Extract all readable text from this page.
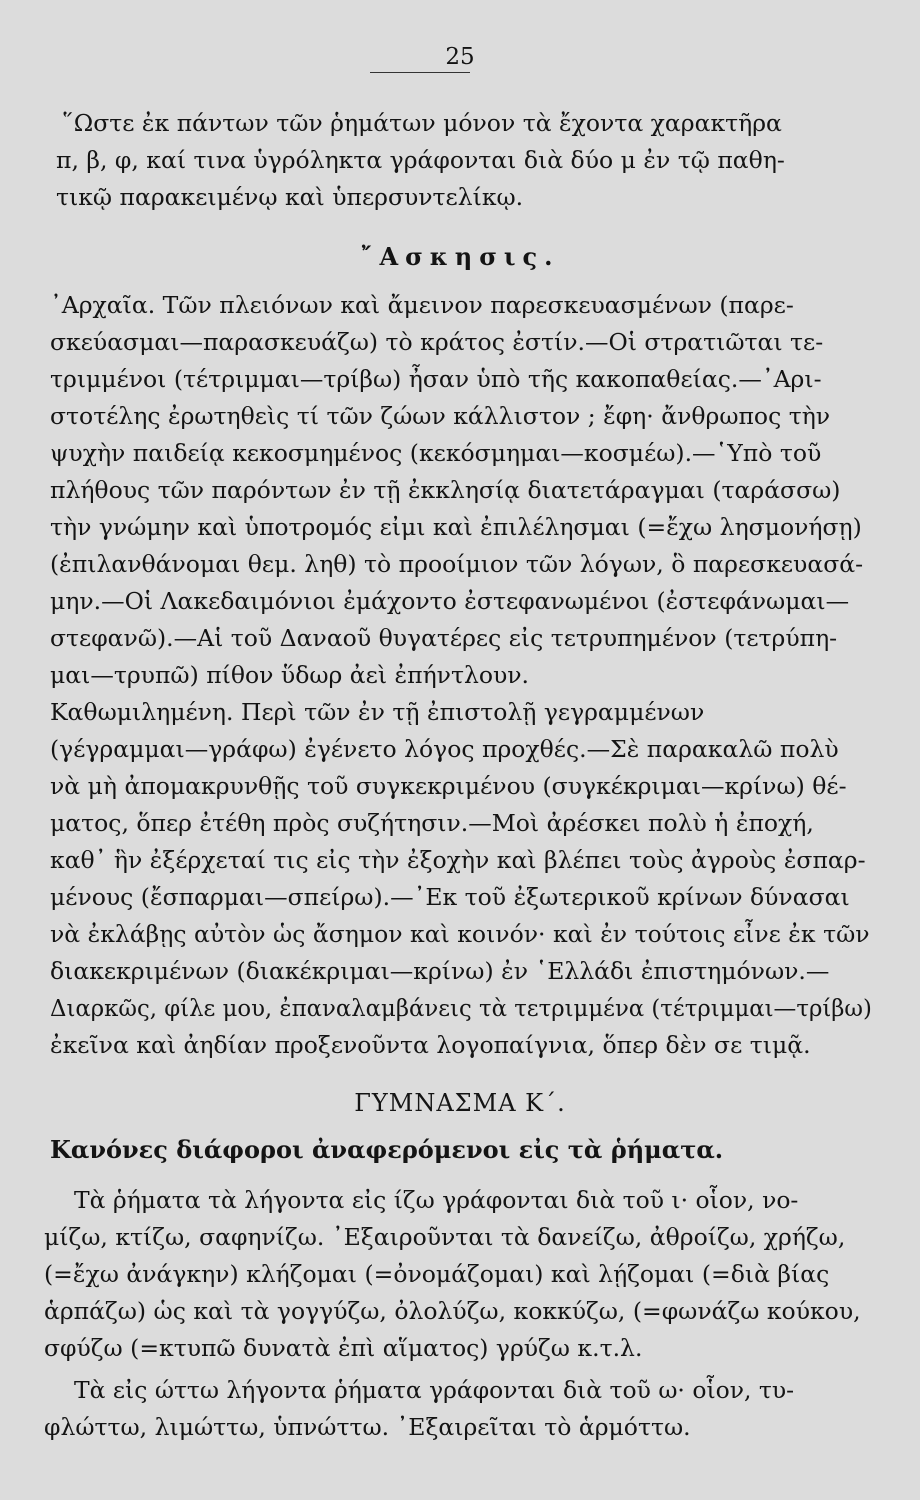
25
῞Ωστε ἐκ πάντων τῶν ῥημάτων μόνον τὰ ἔχοντα χαρακτῆρα
π, β, φ, καί τινα ὑγρόληκτα γράφονται διὰ δύο μ ἐν τῷ παθη-
τικῷ παρακειμένῳ καὶ ὑπερσυντελίκῳ.
῎Ασκησις.
᾿Αρχαῖα. Τῶν πλειόνων καὶ ἄμεινον παρεσκευασμένων (παρε-
σκεύασμαι—παρασκευάζω) τὸ κράτος ἐστίν.—Οἱ στρατιῶται τε-
τριμμένοι (τέτριμμαι—τρίβω) ἦσαν ὑπὸ τῆς κακοπαθείας.—᾿Αρι-
στοτέλης ἐρωτηθεὶς τί τῶν ζώων κάλλιστον ; ἔφη· ἄνθρωπος τὴν
ψυχὴν παιδείᾳ κεκοσμημένος (κεκόσμημαι—κοσμέω).—῾Υπὸ τοῦ
πλήθους τῶν παρόντων ἐν τῇ ἐκκλησίᾳ διατετάραγμαι (ταράσσω)
τὴν γνώμην καὶ ὑποτρομός εἰμι καὶ ἐπιλέλησμαι (=ἔχω λησμονήσῃ)
(ἐπιλανθάνομαι θεμ. ληθ) τὸ προοίμιον τῶν λόγων, ὃ παρεσκευασά-
μην.—Οἱ Λακεδαιμόνιοι ἐμάχοντο ἐστεφανωμένοι (ἐστεφάνωμαι—
στεφανῶ).—Αἱ τοῦ Δαναοῦ θυγατέρες εἰς τετρυπημένον (τετρύπη-
μαι—τρυπῶ) πίθον ὕδωρ ἀεὶ ἐπήντλουν.
Καθωμιλημένη. Περὶ τῶν ἐν τῇ ἐπιστολῇ γεγραμμένων
(γέγραμμαι—γράφω) ἐγένετο λόγος προχθές.—Σὲ παρακαλῶ πολὺ
νὰ μὴ ἀπομακρυνθῇς τοῦ συγκεκριμένου (συγκέκριμαι—κρίνω) θέ-
ματος, ὅπερ ἐτέθη πρὸς συζήτησιν.—Μοὶ ἀρέσκει πολὺ ἡ ἐποχή,
καθ᾿ ἣν ἐξέρχεταί τις εἰς τὴν ἐξοχὴν καὶ βλέπει τοὺς ἀγροὺς ἐσπαρ-
μένους (ἔσπαρμαι—σπείρω).—᾿Εκ τοῦ ἐξωτερικοῦ κρίνων δύνασαι
νὰ ἐκλάβῃς αὐτὸν ὡς ἄσημον καὶ κοινόν· καὶ ἐν τούτοις εἶνε ἐκ τῶν
διακεκριμένων (διακέκριμαι—κρίνω) ἐν ῾Ελλάδι ἐπιστημόνων.—
Διαρκῶς, φίλε μου, ἐπαναλαμβάνεις τὰ τετριμμένα (τέτριμμαι—τρίβω)
ἐκεῖνα καὶ ἀηδίαν προξενοῦντα λογοπαίγνια, ὅπερ δὲν σε τιμᾷ.
ΓΥΜΝΑΣΜΑ Κ΄.
Κανόνες διάφοροι ἀναφερόμενοι εἰς τὰ ῥήματα.
Τὰ ῥήματα τὰ λήγοντα εἰς ίζω γράφονται διὰ τοῦ ι· οἷον, νο-
μίζω, κτίζω, σαφηνίζω. ᾿Εξαιροῦνται τὰ δανείζω, ἀθροίζω, χρήζω,
(=ἔχω ἀνάγκην) κλήζομαι (=ὀνομάζομαι) καὶ λῄζομαι (=διὰ βίας
ἁρπάζω) ὡς καὶ τὰ γογγύζω, ὀλολύζω, κοκκύζω, (=φωνάζω κούκου,
σφύζω (=κτυπῶ δυνατὰ ἐπὶ αἵματος) γρύζω κ.τ.λ.
Τὰ εἰς ώττω λήγοντα ῥήματα γράφονται διὰ τοῦ ω· οἷον, τυ-
φλώττω, λιμώττω, ὑπνώττω. ᾿Εξαιρεῖται τὸ ἁρμόττω.
